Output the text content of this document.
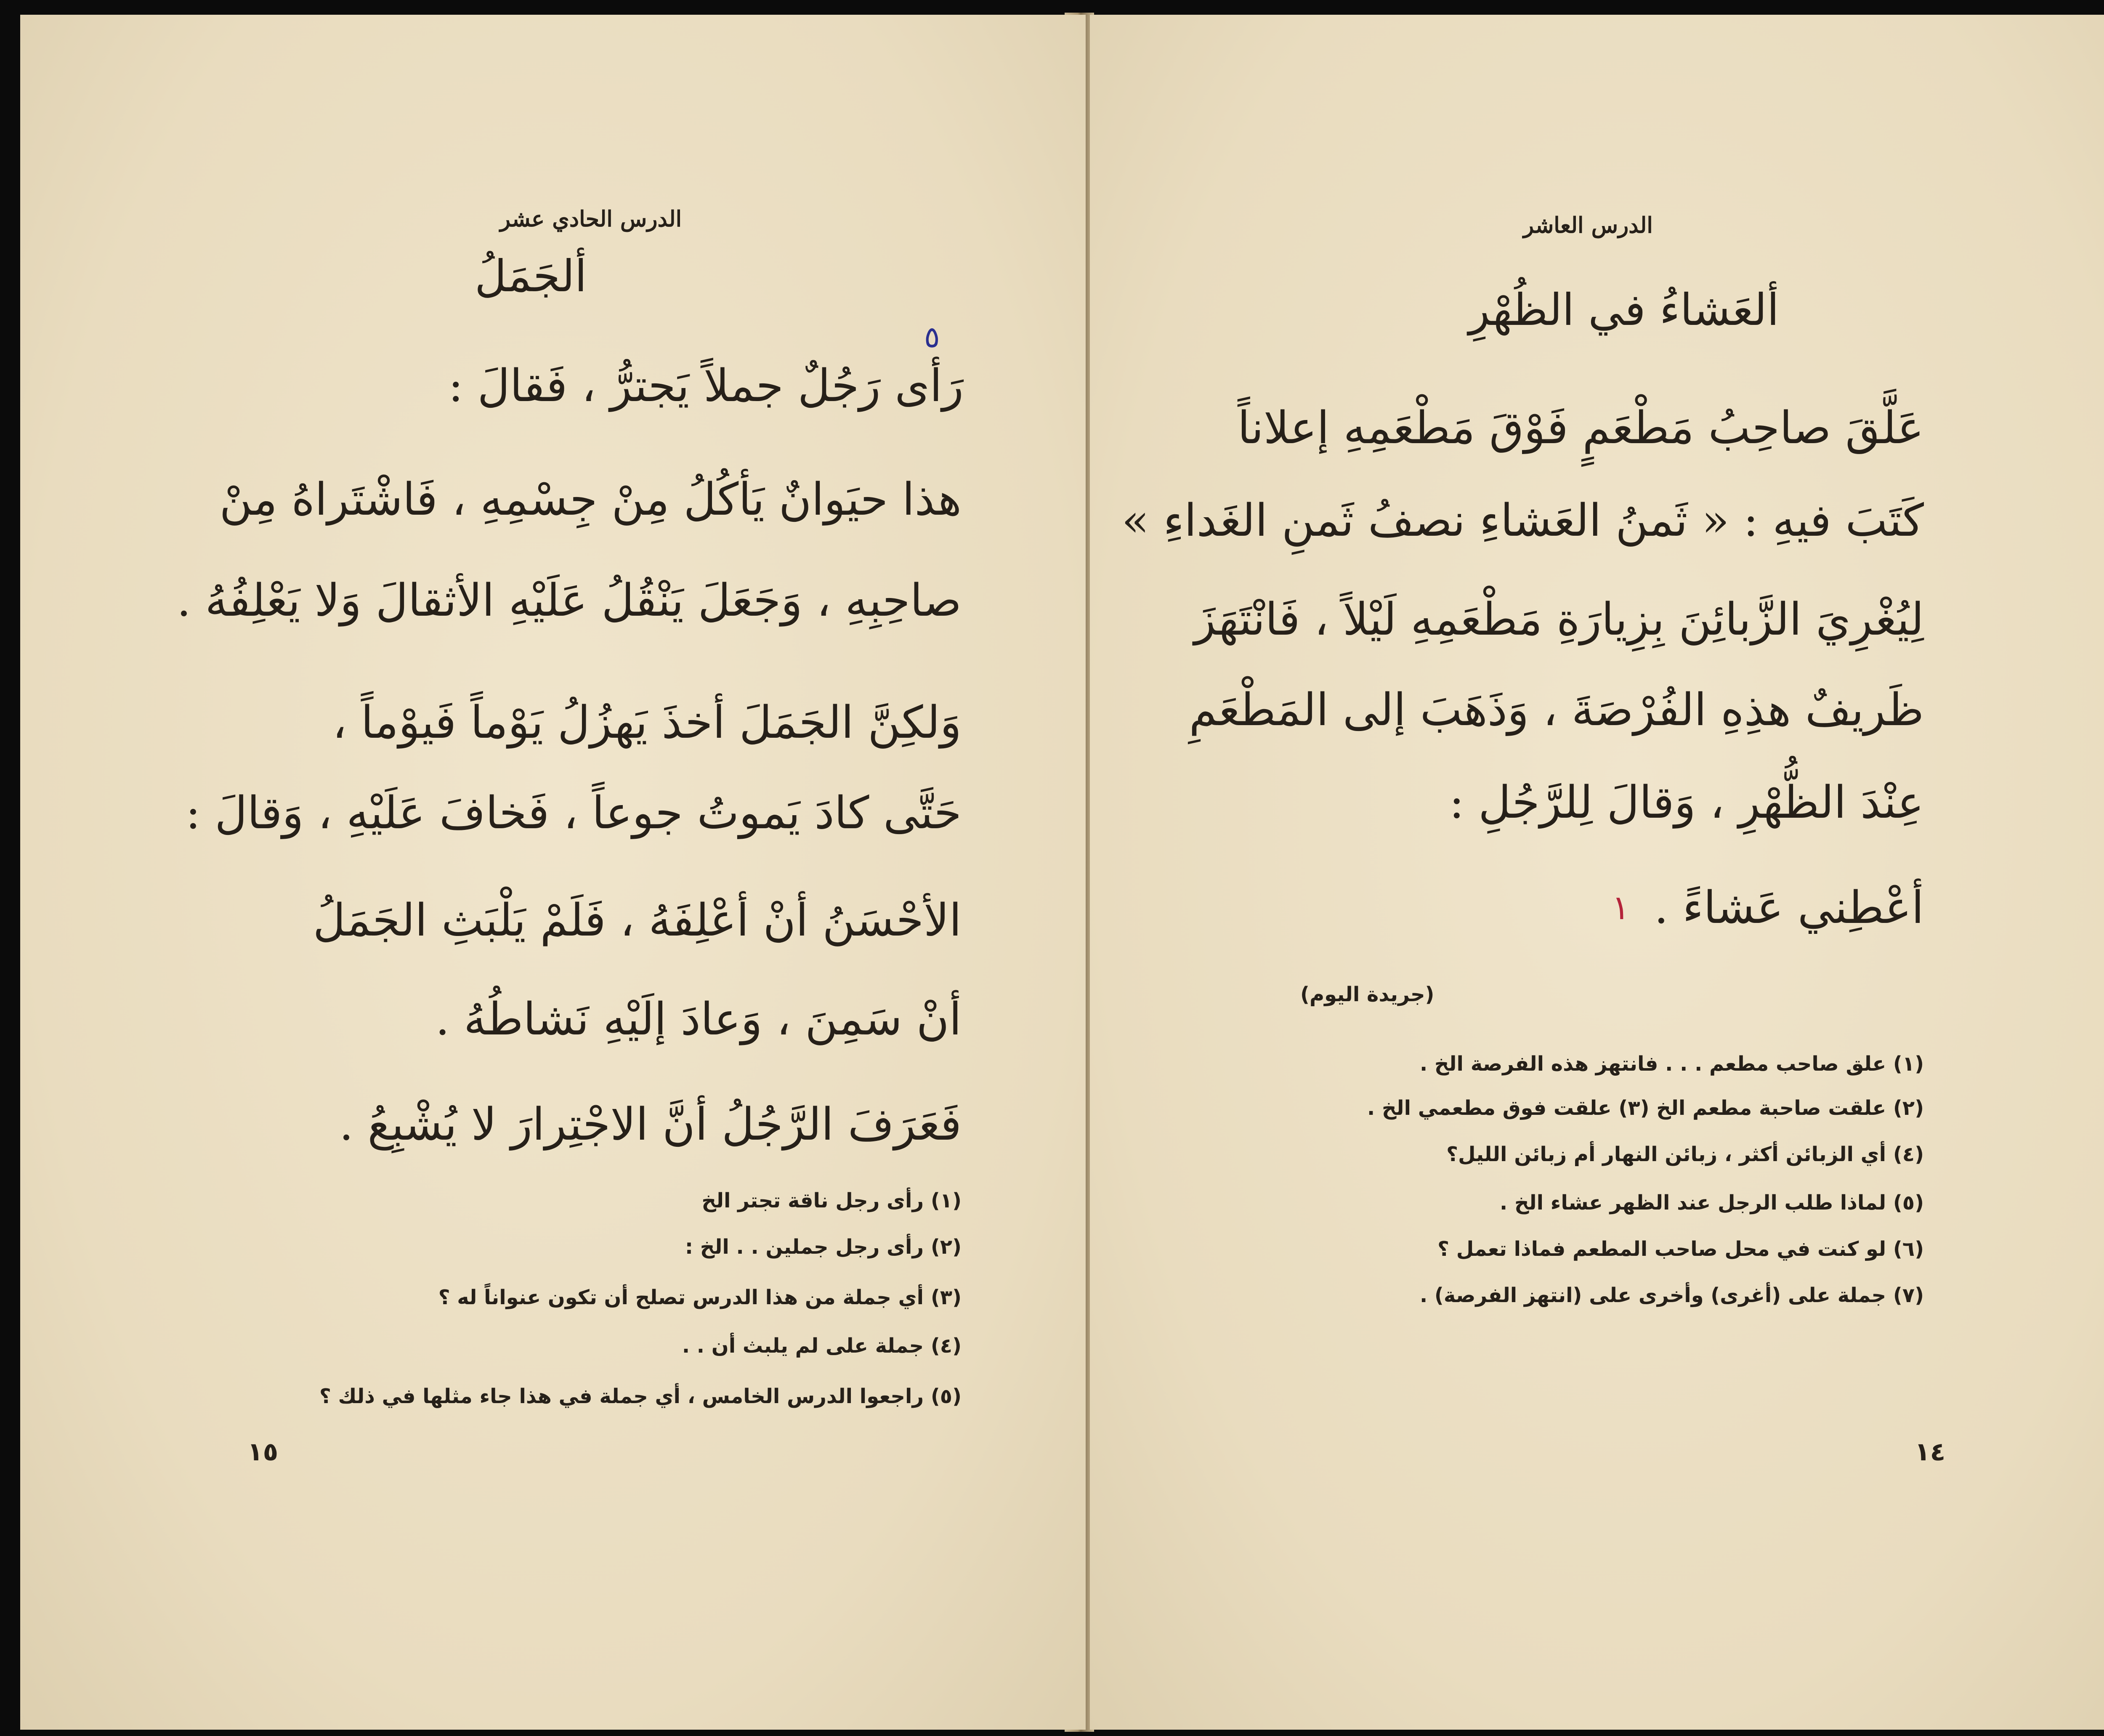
الدرس الحادي عشر
ألجَمَلُ
٥
رَأى رَجُلٌ جملاً يَجترُّ ، فَقالَ :
هذا حيَوانٌ يَأكُلُ مِنْ جِسْمِهِ ، فَاشْتَراهُ مِنْ
صاحِبِهِ ، وَجَعَلَ يَنْقُلُ عَلَيْهِ الأثقالَ وَلا يَعْلِفُهُ .
وَلكِنَّ الجَمَلَ أخذَ يَهزُلُ يَوْماً فَيوْماً ،
حَتَّى كادَ يَموتُ جوعاً ، فَخافَ عَلَيْهِ ، وَقالَ :
الأحْسَنُ أنْ أعْلِفَهُ ، فَلَمْ يَلْبَثِ الجَمَلُ
أنْ سَمِنَ ، وَعادَ إلَيْهِ نَشاطُهُ .
فَعَرَفَ الرَّجُلُ أنَّ الاجْتِرارَ لا يُشْبِعُ .
(١) رأى رجل ناقة تجتر الخ
(٢) رأى رجل جملين . . الخ :
(٣) أي جملة من هذا الدرس تصلح أن تكون عنواناً له ؟
(٤) جملة على لم يلبث أن . .
(٥) راجعوا الدرس الخامس ، أي جملة في هذا جاء مثلها في ذلك ؟
١٥
الدرس العاشر
ألعَشاءُ في الظُهْرِ
عَلَّقَ صاحِبُ مَطْعَمٍ فَوْقَ مَطْعَمِهِ إعلاناً
كَتَبَ فيهِ : « ثَمنُ العَشاءِ نصفُ ثَمنِ الغَداءِ »
لِيُغْرِيَ الزَّبائِنَ بِزِيارَةِ مَطْعَمِهِ لَيْلاً ، فَانْتَهَزَ
ظَريفٌ هذِهِ الفُرْصَةَ ، وَذَهَبَ إلى المَطْعَمِ
عِنْدَ الظُّهْرِ ، وَقالَ لِلرَّجُلِ :
أعْطِني عَشاءً .
١
(جريدة اليوم)
(١) علق صاحب مطعم . . . فانتهز هذه الفرصة الخ .
(٢) علقت صاحبة مطعم الخ (٣) علقت فوق مطعمي الخ .
(٤) أي الزبائن أكثر ، زبائن النهار أم زبائن الليل؟
(٥) لماذا طلب الرجل عند الظهر عشاء الخ .
(٦) لو كنت في محل صاحب المطعم فماذا تعمل ؟
(٧) جملة على (أغرى) وأخرى على (انتهز الفرصة) .
١٤
